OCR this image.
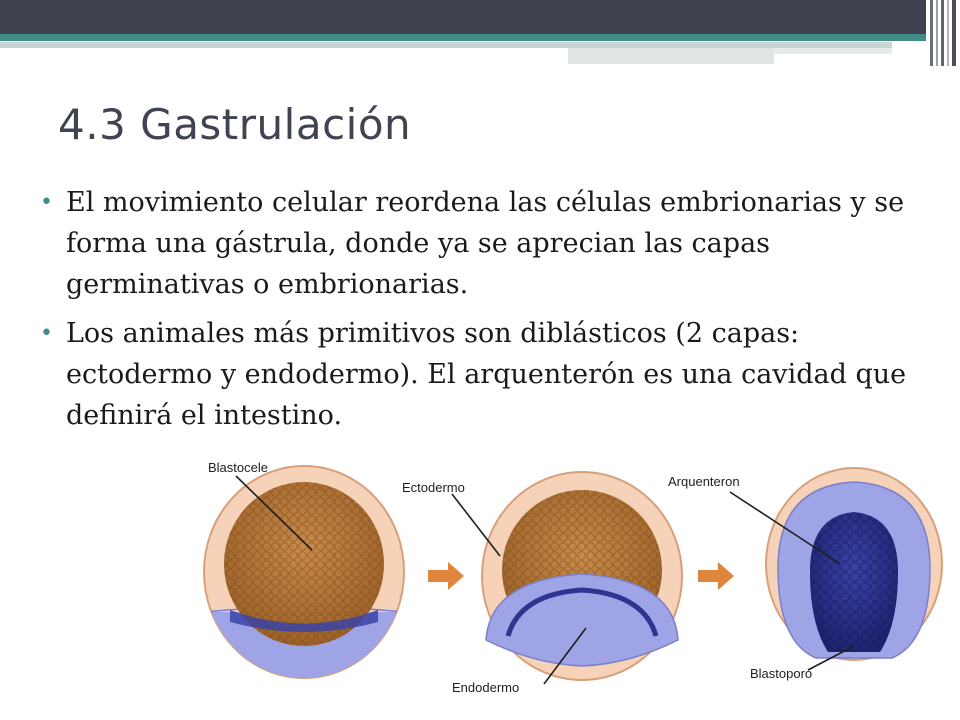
4.3 Gastrulación
• El movimiento celular reordena las células embrionarias y se forma una gástrula, donde ya se aprecian las capas germinativas o embrionarias.
• Los animales más primitivos son diblásticos (2 capas: ectodermo y endodermo). El arquenterón es una cavidad que definirá el intestino.
Blastocele
Ectodermo	Arquenteron
Endodermo
Blastoporo
